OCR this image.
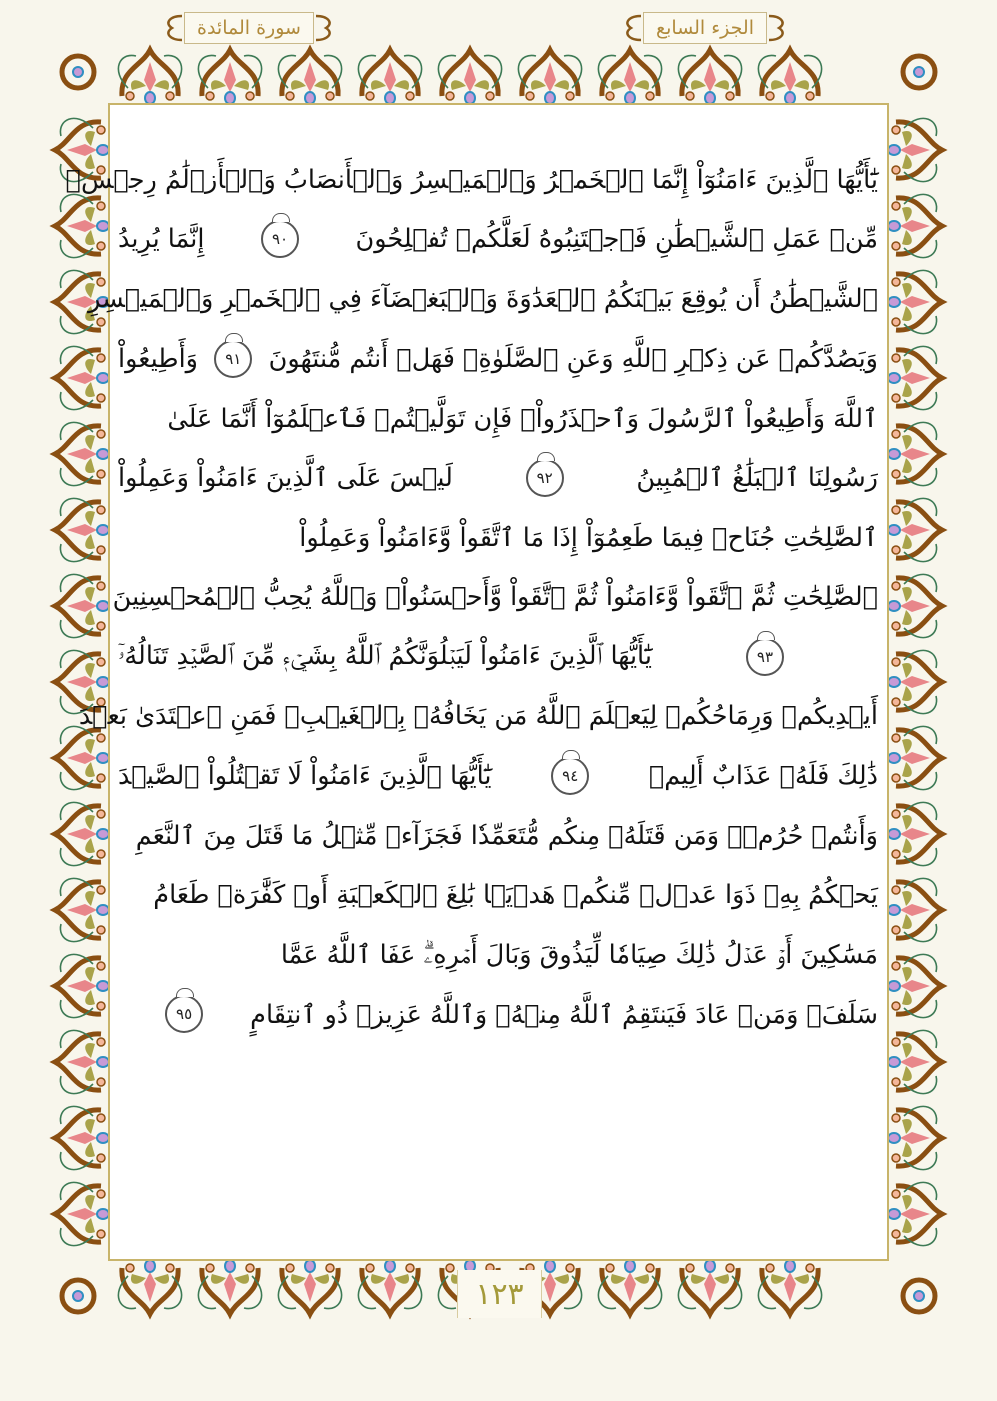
الجزء السابع
سورة المائدة
يَٰٓأَيُّهَا ٱلَّذِينَ ءَامَنُوٓاْ إِنَّمَا ٱلۡخَمۡرُ وَٱلۡمَيۡسِرُ وَٱلۡأَنصَابُ وَٱلۡأَزۡلَٰمُ رِجۡسٞ
مِّنۡ عَمَلِ ٱلشَّيۡطَٰنِ فَٱجۡتَنِبُوهُ لَعَلَّكُمۡ تُفۡلِحُونَ
٩٠
إِنَّمَا يُرِيدُ
ٱلشَّيۡطَٰنُ أَن يُوقِعَ بَيۡنَكُمُ ٱلۡعَدَٰوَةَ وَٱلۡبَغۡضَآءَ فِي ٱلۡخَمۡرِ وَٱلۡمَيۡسِرِ
وَيَصُدَّكُمۡ عَن ذِكۡرِ ٱللَّهِ وَعَنِ ٱلصَّلَوٰةِۖ فَهَلۡ أَنتُم مُّنتَهُونَ
٩١
وَأَطِيعُواْ
ٱللَّهَ وَأَطِيعُواْ ٱلرَّسُولَ وَٱحۡذَرُواْۚ فَإِن تَوَلَّيۡتُمۡ فَٱعۡلَمُوٓاْ أَنَّمَا عَلَىٰ
رَسُولِنَا ٱلۡبَلَٰغُ ٱلۡمُبِينُ
٩٢
لَيۡسَ عَلَى ٱلَّذِينَ ءَامَنُواْ وَعَمِلُواْ
ٱلصَّٰلِحَٰتِ جُنَاحٞ فِيمَا طَعِمُوٓاْ إِذَا مَا ٱتَّقَواْ وَّءَامَنُواْ وَعَمِلُواْ
ٱلصَّٰلِحَٰتِ ثُمَّ ٱتَّقَواْ وَّءَامَنُواْ ثُمَّ ٱتَّقَواْ وَّأَحۡسَنُواْۗ وَٱللَّهُ يُحِبُّ ٱلۡمُحۡسِنِينَ
٩٣
يَٰٓأَيُّهَا ٱلَّذِينَ ءَامَنُواْ لَيَبۡلُوَنَّكُمُ ٱللَّهُ بِشَيۡءٖ مِّنَ ٱلصَّيۡدِ تَنَالُهُۥٓ
أَيۡدِيكُمۡ وَرِمَاحُكُمۡ لِيَعۡلَمَ ٱللَّهُ مَن يَخَافُهُۥ بِٱلۡغَيۡبِۚ فَمَنِ ٱعۡتَدَىٰ بَعۡدَ
ذَٰلِكَ فَلَهُۥ عَذَابٌ أَلِيمٞ
٩٤
يَٰٓأَيُّهَا ٱلَّذِينَ ءَامَنُواْ لَا تَقۡتُلُواْ ٱلصَّيۡدَ
وَأَنتُمۡ حُرُمٞۚ وَمَن قَتَلَهُۥ مِنكُم مُّتَعَمِّدٗا فَجَزَآءٞ مِّثۡلُ مَا قَتَلَ مِنَ ٱلنَّعَمِ
يَحۡكُمُ بِهِۦ ذَوَا عَدۡلٖ مِّنكُمۡ هَدۡيَۢا بَٰلِغَ ٱلۡكَعۡبَةِ أَوۡ كَفَّٰرَةٞ طَعَامُ
مَسَٰكِينَ أَوۡ عَدۡلُ ذَٰلِكَ صِيَامٗا لِّيَذُوقَ وَبَالَ أَمۡرِهِۦۗ عَفَا ٱللَّهُ عَمَّا
سَلَفَۚ وَمَنۡ عَادَ فَيَنتَقِمُ ٱللَّهُ مِنۡهُۗ وَٱللَّهُ عَزِيزٞ ذُو ٱنتِقَامٍ
٩٥
١٢٣
